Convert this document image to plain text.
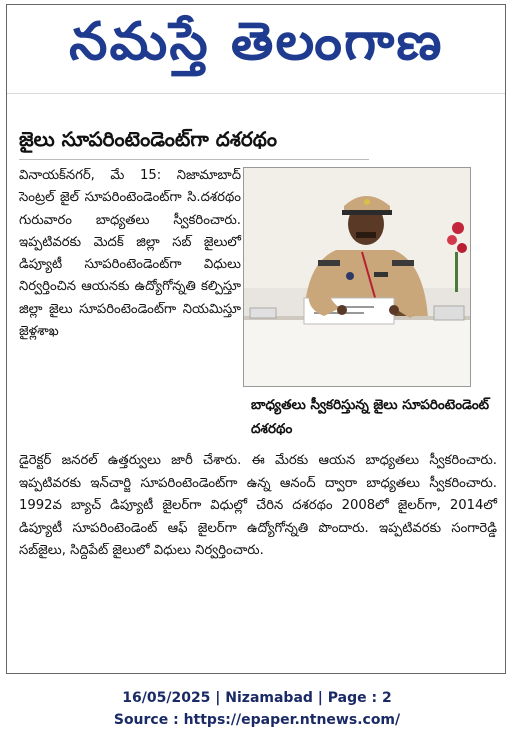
నమస్తే తెలంగాణ
జైలు సూపరింటెండెంట్‌గా దశరథం

వినాయక్‌నగర్, మే 15: నిజామాబాద్ సెంట్రల్ జైల్ సూపరింటెండెంట్‌గా సి.దశరథం గురువారం బాధ్యతలు స్వీకరించారు. ఇప్పటివరకు మెదక్ జిల్లా సబ్ జైలులో డిప్యూటీ సూపరింటెండెంట్‌గా విధులు నిర్వర్తించిన ఆయనకు ఉద్యోగోన్నతి కల్పిస్తూ జిల్లా జైలు సూపరింటెండెంట్‌గా నియమిస్తూ జైళ్లశాఖ

బాధ్యతలు స్వీకరిస్తున్న జైలు సూపరింటెండెంట్ దశరథం

డైరెక్టర్ జనరల్ ఉత్తర్వులు జారీ చేశారు. ఈ మేరకు ఆయన బాధ్యతలు స్వీకరించారు. ఇప్పటివరకు ఇన్‌చార్జి సూపరింటెండెంట్‌గా ఉన్న ఆనంద్ ద్వారా బాధ్యతలు స్వీకరించారు. 1992వ బ్యాచ్ డిప్యూటీ జైలర్‌గా విధుల్లో చేరిన దశరథం 2008లో జైలర్‌గా, 2014లో డిప్యూటీ సూపరింటెండెంట్ ఆఫ్ జైలర్‌గా ఉద్యోగోన్నతి పొందారు. ఇప్పటివరకు సంగారెడ్డి సబ్‌జైలు, సిద్దిపేట్ జైలులో విధులు నిర్వర్తించారు.

16/05/2025 | Nizamabad | Page : 2
Source : https://epaper.ntnews.com/
